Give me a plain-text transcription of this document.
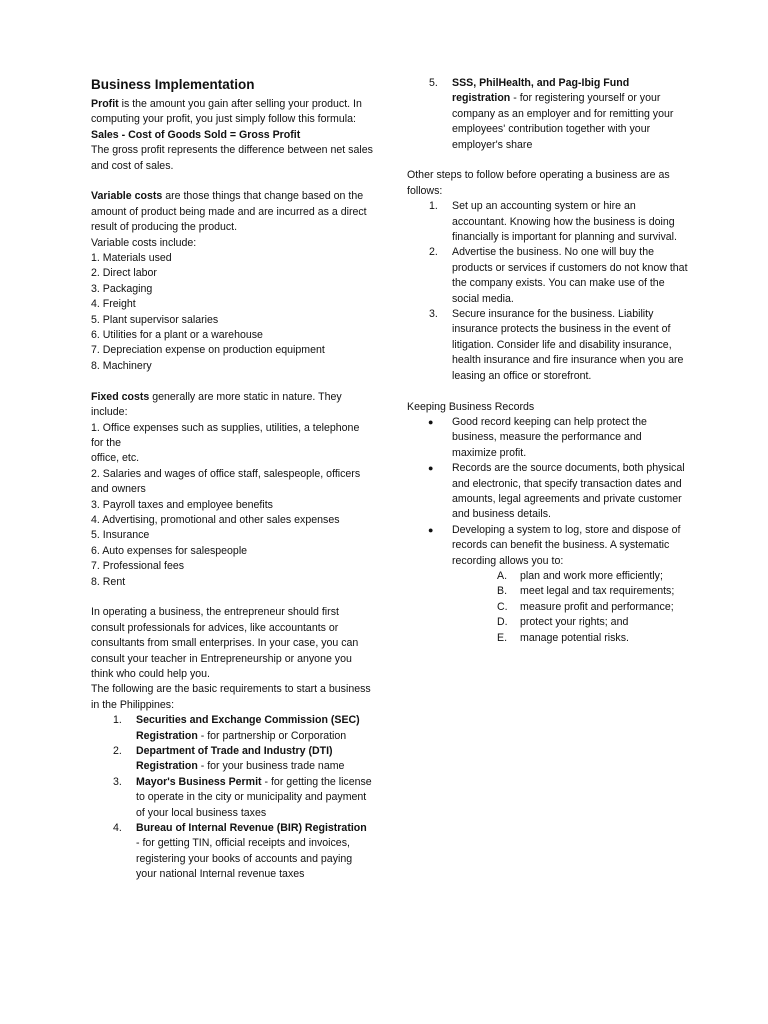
Business Implementation

Profit is the amount you gain after selling your product. In computing your profit, you just simply follow this formula: Sales - Cost of Goods Sold = Gross Profit

The gross profit represents the difference between net sales and cost of sales.

Variable costs are those things that change based on the amount of product being made and are incurred as a direct result of producing the product.

Variable costs include:

1. Materials used
2. Direct labor
3. Packaging
4. Freight
5. Plant supervisor salaries
6. Utilities for a plant or a warehouse
7. Depreciation expense on production equipment
8. Machinery

Fixed costs generally are more static in nature. They include:

1. Office expenses such as supplies, utilities, a telephone for the
office, etc.
2. Salaries and wages of office staff, salespeople, officers and owners
3. Payroll taxes and employee benefits
4. Advertising, promotional and other sales expenses
5. Insurance
6. Auto expenses for salespeople
7. Professional fees
8. Rent

In operating a business, the entrepreneur should first consult professionals for advices, like accountants or consultants from small enterprises. In your case, you can consult your teacher in Entrepreneurship or anyone you think who could help you.

The following are the basic requirements to start a business in the Philippines:

1. Securities and Exchange Commission (SEC) Registration - for partnership or Corporation

2. Department of Trade and Industry (DTI) Registration - for your business trade name

3. Mayor's Business Permit - for getting the license to operate in the city or municipality and payment of your local business taxes

4. Bureau of Internal Revenue (BIR) Registration - for getting TIN, official receipts and invoices, registering your books of accounts and paying your national Internal revenue taxes

5. SSS, PhilHealth, and Pag-Ibig Fund registration - for registering yourself or your company as an employer and for remitting your employees' contribution together with your employer's share

Other steps to follow before operating a business are as follows:

1. Set up an accounting system or hire an accountant. Knowing how the business is doing financially is important for planning and survival.

2. Advertise the business. No one will buy the products or services if customers do not know that the company exists. You can make use of the social media.

3. Secure insurance for the business. Liability insurance protects the business in the event of litigation. Consider life and disability insurance, health insurance and fire insurance when you are leasing an office or storefront.

Keeping Business Records

● Good record keeping can help protect the business, measure the performance and maximize profit.

● Records are the source documents, both physical and electronic, that specify transaction dates and amounts, legal agreements and private customer and business details.

● Developing a system to log, store and dispose of records can benefit the business. A systematic recording allows you to:

A. plan and work more efficiently;

B. meet legal and tax requirements;

C. measure profit and performance;

D. protect your rights; and

E. manage potential risks.
